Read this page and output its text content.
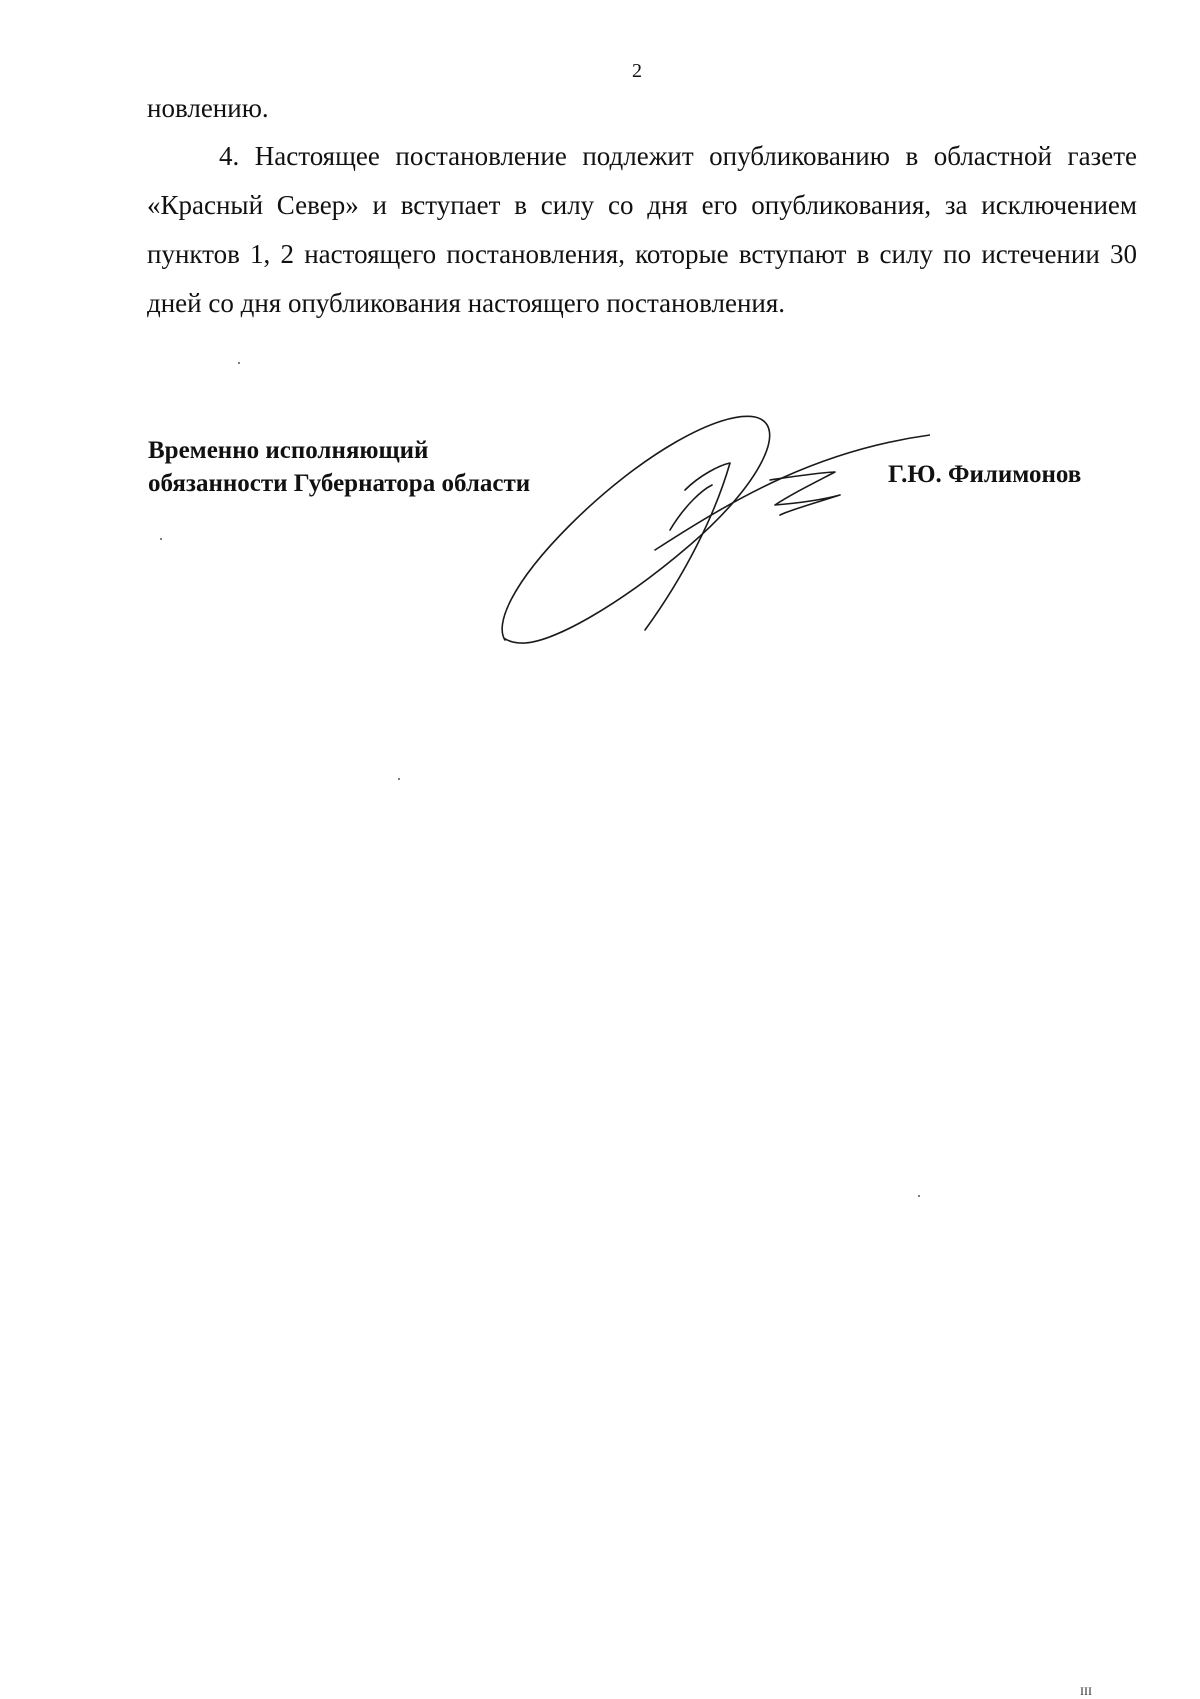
2
новлению.

4. Настоящее постановление подлежит опубликованию в областной газете «Красный Север» и вступает в силу со дня его опубликования, за исключением пунктов 1, 2 настоящего постановления, которые вступают в силу по истечении 30 дней со дня опубликования настоящего постановления.

Временно исполняющий
обязанности Губернатора области	Г.Ю. Филимонов
III
